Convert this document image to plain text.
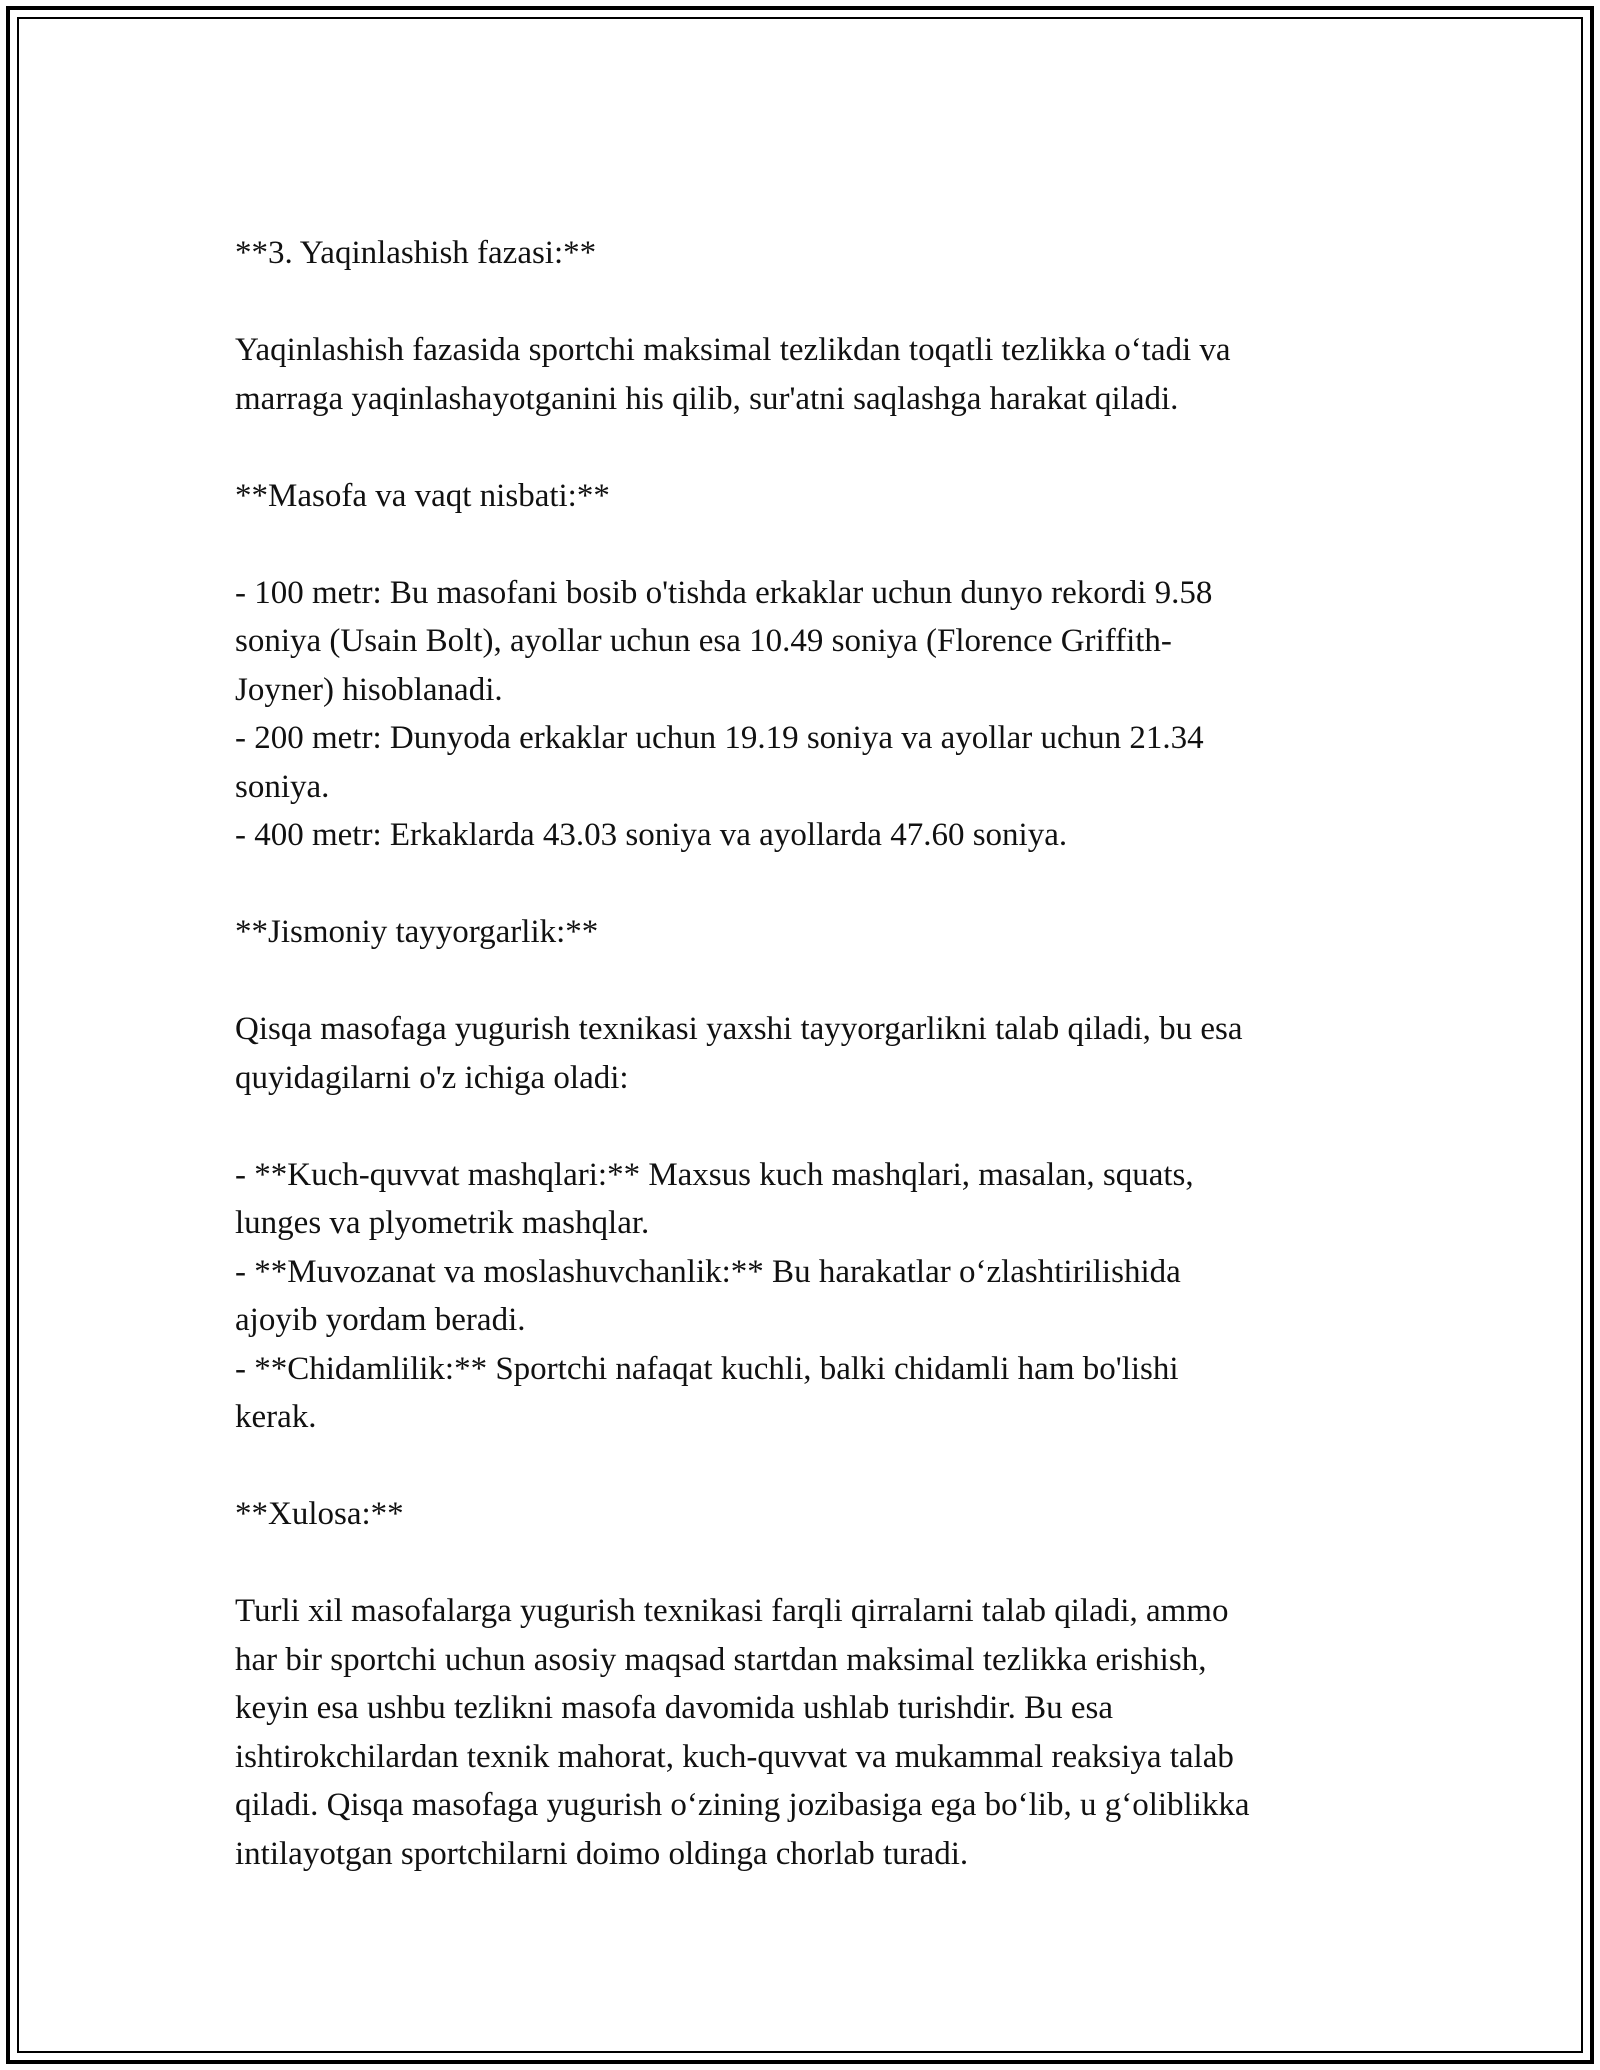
**3. Yaqinlashish fazasi:**

Yaqinlashish fazasida sportchi maksimal tezlikdan toqatli tezlikka o‘tadi va

marraga yaqinlashayotganini his qilib, sur'atni saqlashga harakat qiladi.

**Masofa va vaqt nisbati:**

- 100 metr: Bu masofani bosib o'tishda erkaklar uchun dunyo rekordi 9.58

soniya (Usain Bolt), ayollar uchun esa 10.49 soniya (Florence Griffith-

Joyner) hisoblanadi.

- 200 metr: Dunyoda erkaklar uchun 19.19 soniya va ayollar uchun 21.34

soniya.

- 400 metr: Erkaklarda 43.03 soniya va ayollarda 47.60 soniya.

**Jismoniy tayyorgarlik:**

Qisqa masofaga yugurish texnikasi yaxshi tayyorgarlikni talab qiladi, bu esa

quyidagilarni o'z ichiga oladi:

- **Kuch-quvvat mashqlari:** Maxsus kuch mashqlari, masalan, squats,

lunges va plyometrik mashqlar.

- **Muvozanat va moslashuvchanlik:** Bu harakatlar o‘zlashtirilishida

ajoyib yordam beradi.

- **Chidamlilik:** Sportchi nafaqat kuchli, balki chidamli ham bo'lishi

kerak.

**Xulosa:**

Turli xil masofalarga yugurish texnikasi farqli qirralarni talab qiladi, ammo

har bir sportchi uchun asosiy maqsad startdan maksimal tezlikka erishish,

keyin esa ushbu tezlikni masofa davomida ushlab turishdir. Bu esa

ishtirokchilardan texnik mahorat, kuch-quvvat va mukammal reaksiya talab

qiladi. Qisqa masofaga yugurish o‘zining jozibasiga ega bo‘lib, u g‘oliblikka

intilayotgan sportchilarni doimo oldinga chorlab turadi.
